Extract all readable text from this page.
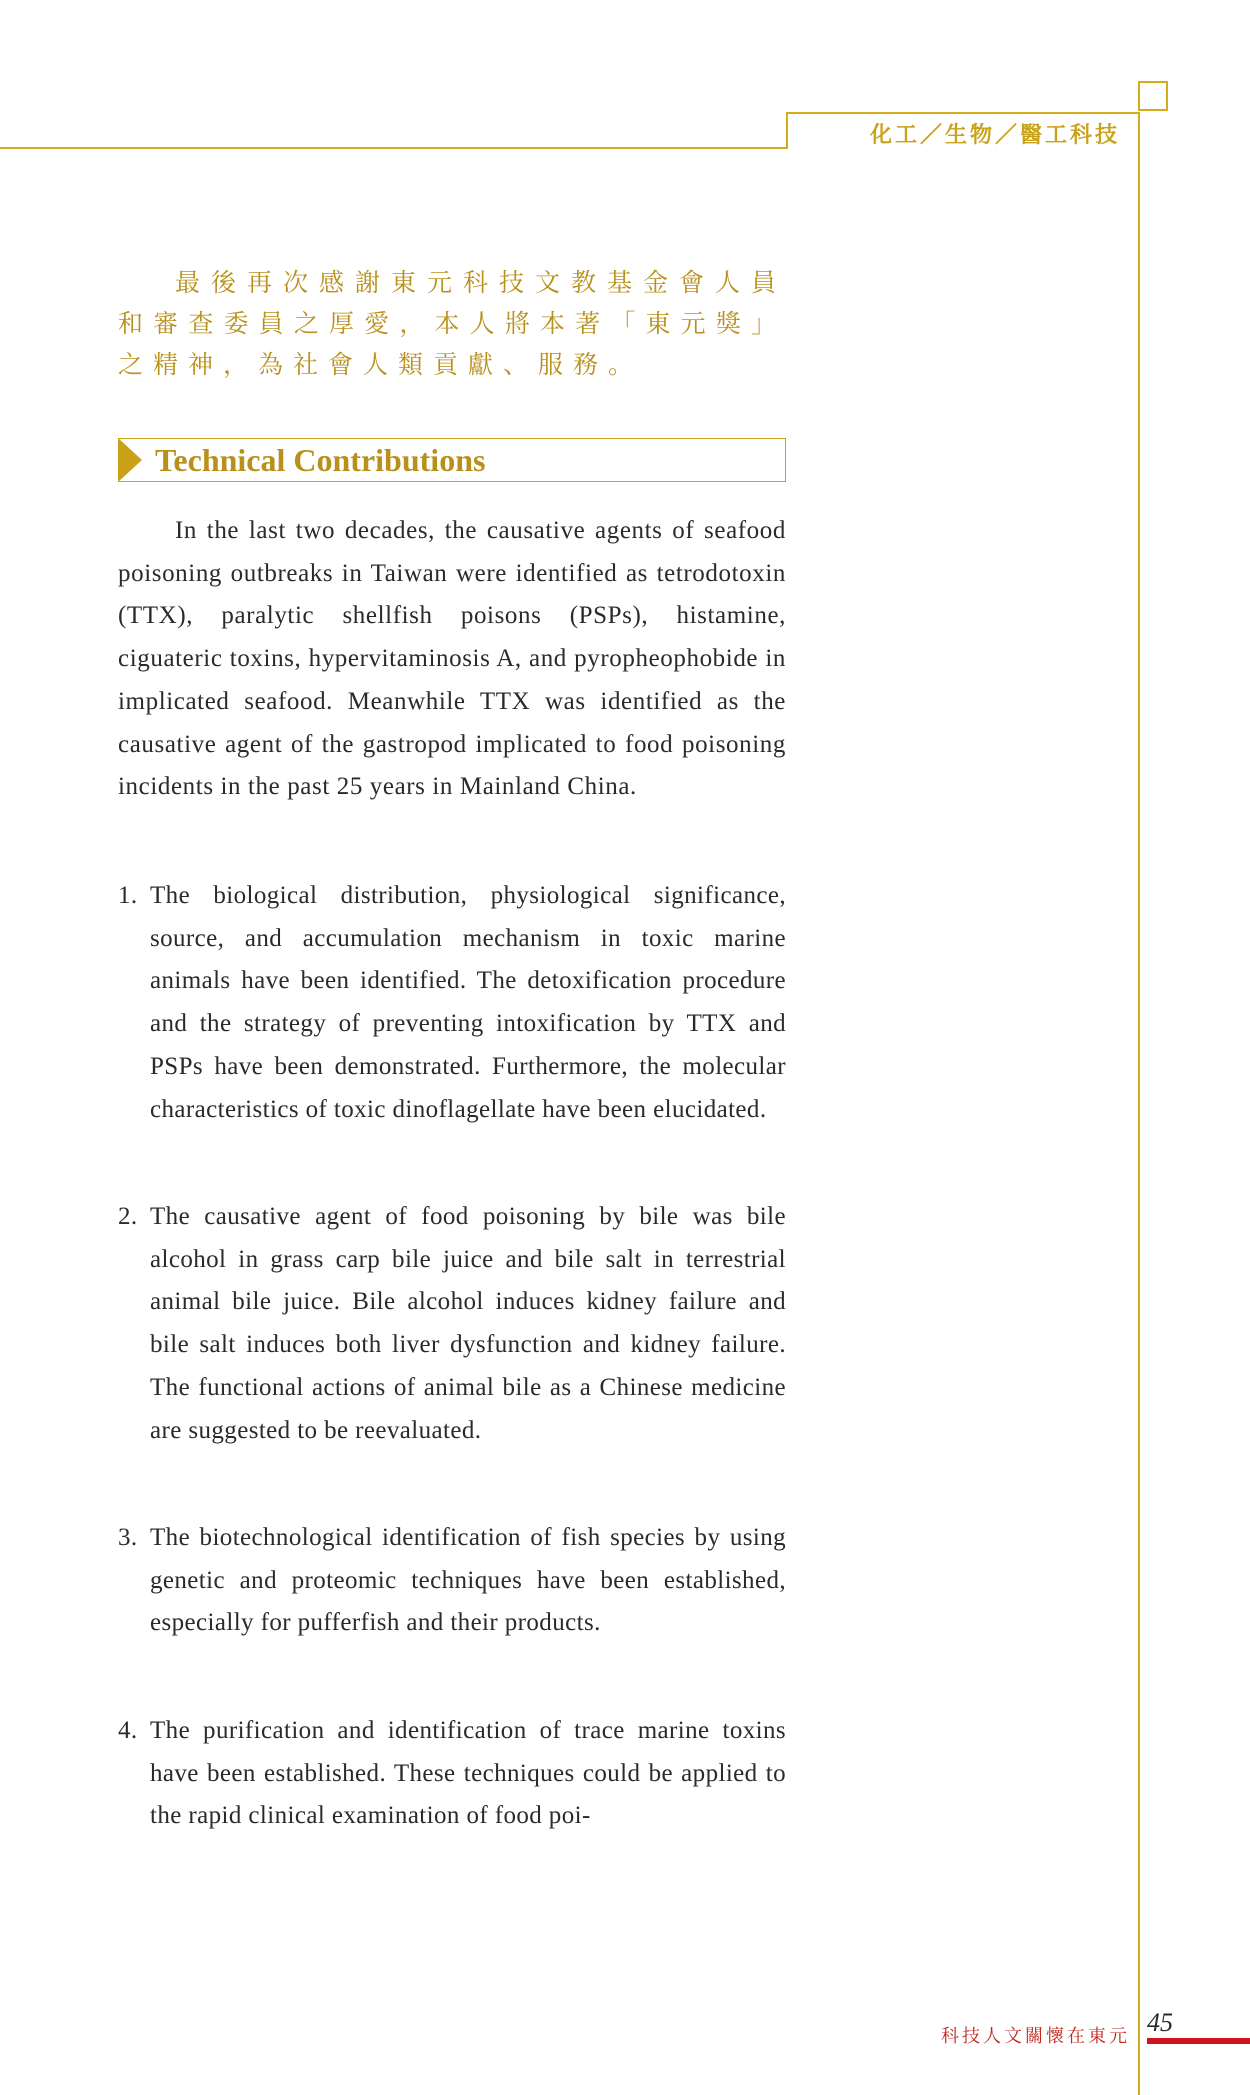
化工／生物／醫工科技
最後再次感謝東元科技文教基金會人員和審查委員之厚愛，本人將本著「東元獎」之精神，為社會人類貢獻、服務。
Technical Contributions
In the last two decades, the causative agents of seafood poisoning outbreaks in Taiwan were identified as tetrodotoxin (TTX), paralytic shellfish poisons (PSPs), histamine, ciguateric toxins, hypervitaminosis A, and pyropheophobide in implicated seafood. Meanwhile TTX was identified as the causative agent of the gastropod implicated to food poisoning incidents in the past 25 years in Mainland China.
1. The biological distribution, physiological significance, source, and accumulation mechanism in toxic marine animals have been identified. The detoxification procedure and the strategy of preventing intoxification by TTX and PSPs have been demonstrated. Furthermore, the molecular characteristics of toxic dinoflagellate have been elucidated.
2. The causative agent of food poisoning by bile was bile alcohol in grass carp bile juice and bile salt in terrestrial animal bile juice. Bile alcohol induces kidney failure and bile salt induces both liver dysfunction and kidney failure. The functional actions of animal bile as a Chinese medicine are suggested to be reevaluated.
3. The biotechnological identification of fish species by using genetic and proteomic techniques have been established, especially for pufferfish and their products.
4. The purification and identification of trace marine toxins have been established. These techniques could be applied to the rapid clinical examination of food poi-
科技人文關懷在東元 45
